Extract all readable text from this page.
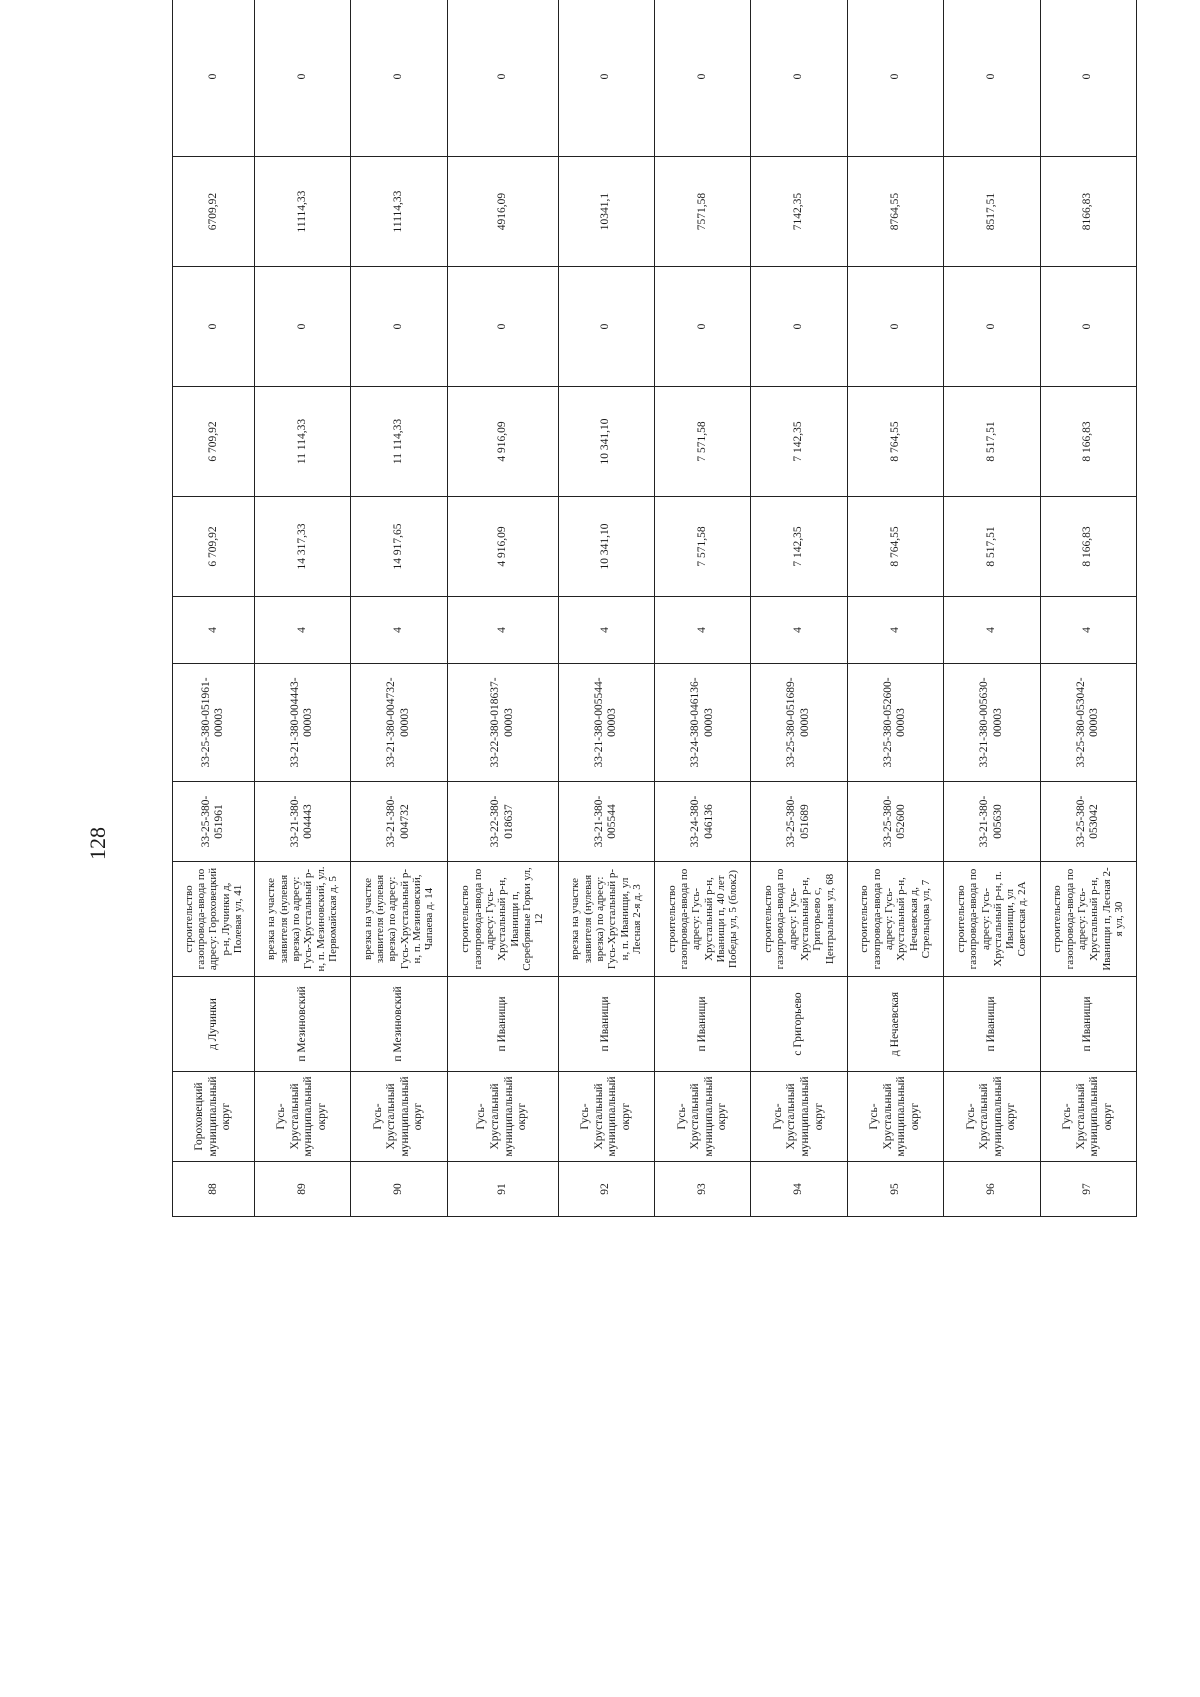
128
88	Гороховецкий муниципальный округ	д Лучинки	строительство газопровода-ввода по адресу: Гороховецкий р-н, Лучинки д, Полевая ул, 41	33-25-380-051961	33-25-380-051961-00003	4	6 709,92	6 709,92	0	6709,92	0	
89	Гусь-Хрустальный муниципальный округ	п Мезиновский	врезка на участке заявителя (нулевая врезка) по адресу: Гусь-Хрустальный р-н, п. Мезиновский, ул. Первомайская д. 5	33-21-380-004443	33-21-380-004443-00003	4	14 317,33	11 114,33	0	11114,33	0	
90	Гусь-Хрустальный муниципальный округ	п Мезиновский	врезка на участке заявителя (нулевая врезка) по адресу: Гусь-Хрустальный р-н, п. Мезиновский, Чапаева д. 14	33-21-380-004732	33-21-380-004732-00003	4	14 917,65	11 114,33	0	11114,33	0	
91	Гусь-Хрустальный муниципальный округ	п Иванищи	строительство газопровода-ввода по адресу: Гусь-Хрустальный р-н, Иванищи п, Серебряные Горки ул, 12	33-22-380-018637	33-22-380-018637-00003	4	4 916,09	4 916,09	0	4916,09	0	
92	Гусь-Хрустальный муниципальный округ	п Иванищи	врезка на участке заявителя (нулевая врезка) по адресу: Гусь-Хрустальный р-н, п. Иванищи, ул Лесная 2-я д. 3	33-21-380-005544	33-21-380-005544-00003	4	10 341,10	10 341,10	0	10341,1	0	
93	Гусь-Хрустальный муниципальный округ	п Иванищи	строительство газопровода-ввода по адресу: Гусь-Хрустальный р-н, Иванищи п, 40 лет Победы ул, 5 (блок2)	33-24-380-046136	33-24-380-046136-00003	4	7 571,58	7 571,58	0	7571,58	0	
94	Гусь-Хрустальный муниципальный округ	с Григорьево	строительство газопровода-ввода по адресу: Гусь-Хрустальный р-н, Григорьево с, Центральная ул, 68	33-25-380-051689	33-25-380-051689-00003	4	7 142,35	7 142,35	0	7142,35	0	
95	Гусь-Хрустальный муниципальный округ	д Нечаевская	строительство газопровода-ввода по адресу: Гусь-Хрустальный р-н, Нечаевская д, Стрельцова ул, 7	33-25-380-052600	33-25-380-052600-00003	4	8 764,55	8 764,55	0	8764,55	0	
96	Гусь-Хрустальный муниципальный округ	п Иванищи	строительство газопровода-ввода по адресу: Гусь-Хрустальный р-н, п. Иванищи, ул Советская д. 2А	33-21-380-005630	33-21-380-005630-00003	4	8 517,51	8 517,51	0	8517,51	0	
97	Гусь-Хрустальный муниципальный округ	п Иванищи	строительство газопровода-ввода по адресу: Гусь-Хрустальный р-н, Иванищи п, Лесная 2-я ул, 30	33-25-380-053042	33-25-380-053042-00003	4	8 166,83	8 166,83	0	8166,83	0	
